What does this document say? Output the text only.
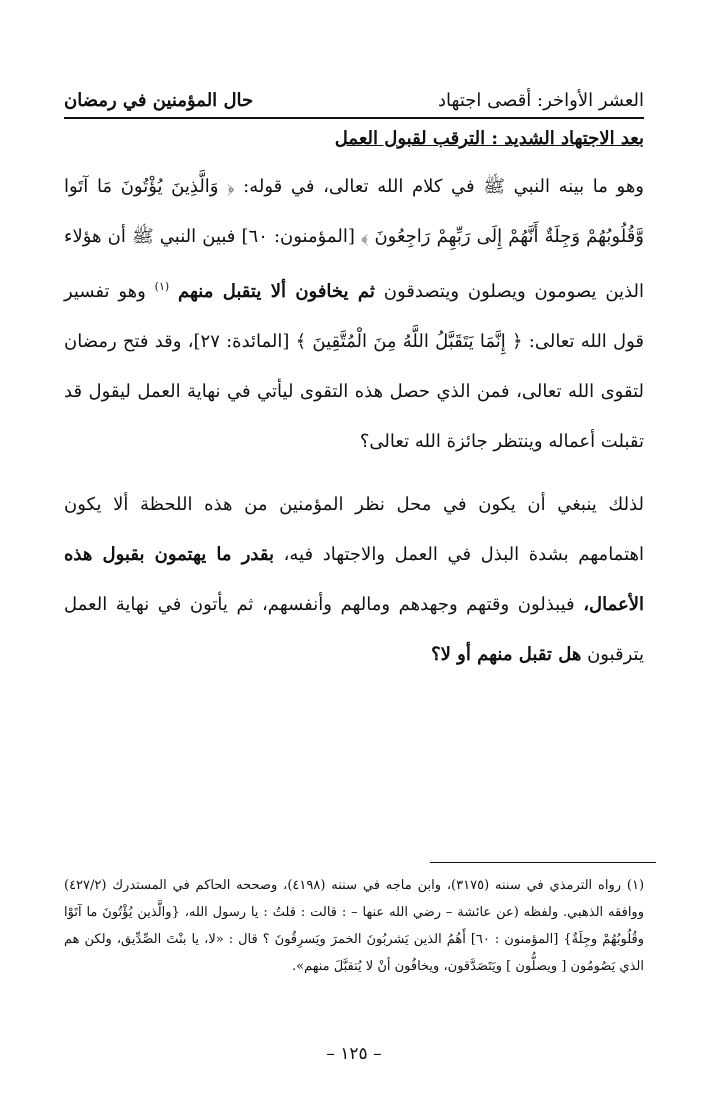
العشر الأواخر: أقصى اجتهاد
حال المؤمنين في رمضان
بعد الاجتهاد الشديد : الترقب لقبول العمل
وهو ما بينه النبي ﷺ في كلام الله تعالى، في قوله: ﴿ وَالَّذِينَ يُؤْتُونَ مَا آتَوا وَّقُلُوبُهُمْ وَجِلَةٌ أَنَّهُمْ إِلَى رَبِّهِمْ رَاجِعُونَ ﴾ [المؤمنون: ٦٠] فبين النبي ﷺ أن هؤلاء الذين يصومون ويصلون ويتصدقون ثم يخافون ألا يتقبل منهم $^{(١)}$ وهو تفسير قول الله تعالى: ﴿ إِنَّمَا يَتَقَبَّلُ اللَّهُ مِنَ الْمُتَّقِينَ ﴾ [المائدة: ٢٧]، وقد فتح رمضان لتقوى الله تعالى، فمن الذي حصل هذه التقوى ليأتي في نهاية العمل ليقول قد تقبلت أعماله وينتظر جائزة الله تعالى؟
لذلك ينبغي أن يكون في محل نظر المؤمنين من هذه اللحظة ألا يكون اهتمامهم بشدة البذل في العمل والاجتهاد فيه، بقدر ما يهتمون بقبول هذه الأعمال، فيبذلون وقتهم وجهدهم ومالهم وأنفسهم، ثم يأتون في نهاية العمل يترقبون هل تقبل منهم أو لا؟
(١) رواه الترمذي في سننه (٣١٧٥)، وابن ماجه في سننه (٤١٩٨)، وصححه الحاكم في المستدرك (٤٢٧/٢) ووافقه الذهبي. ولفظه (عن عائشة – رضي الله عنها – : قالت : قلتُ : يا رسول الله، {والَّذين يُؤْتُونَ ما آتَوْا وقُلُوبُهُمْ وجِلَةٌ} [المؤمنون : ٦٠] أَهُمُ الذين يَشربُونَ الخمرَ ويَسرِقُونَ ؟ قال : «لا، يا بنْتَ الصِّدِّيق، ولكن هم الذي يَصُومُون [ ويصلُّون ] ويَتَصَدَّقون، ويخافُون أنْ لا يُتقبَّلَ منهم».
– ١٢٥ –
